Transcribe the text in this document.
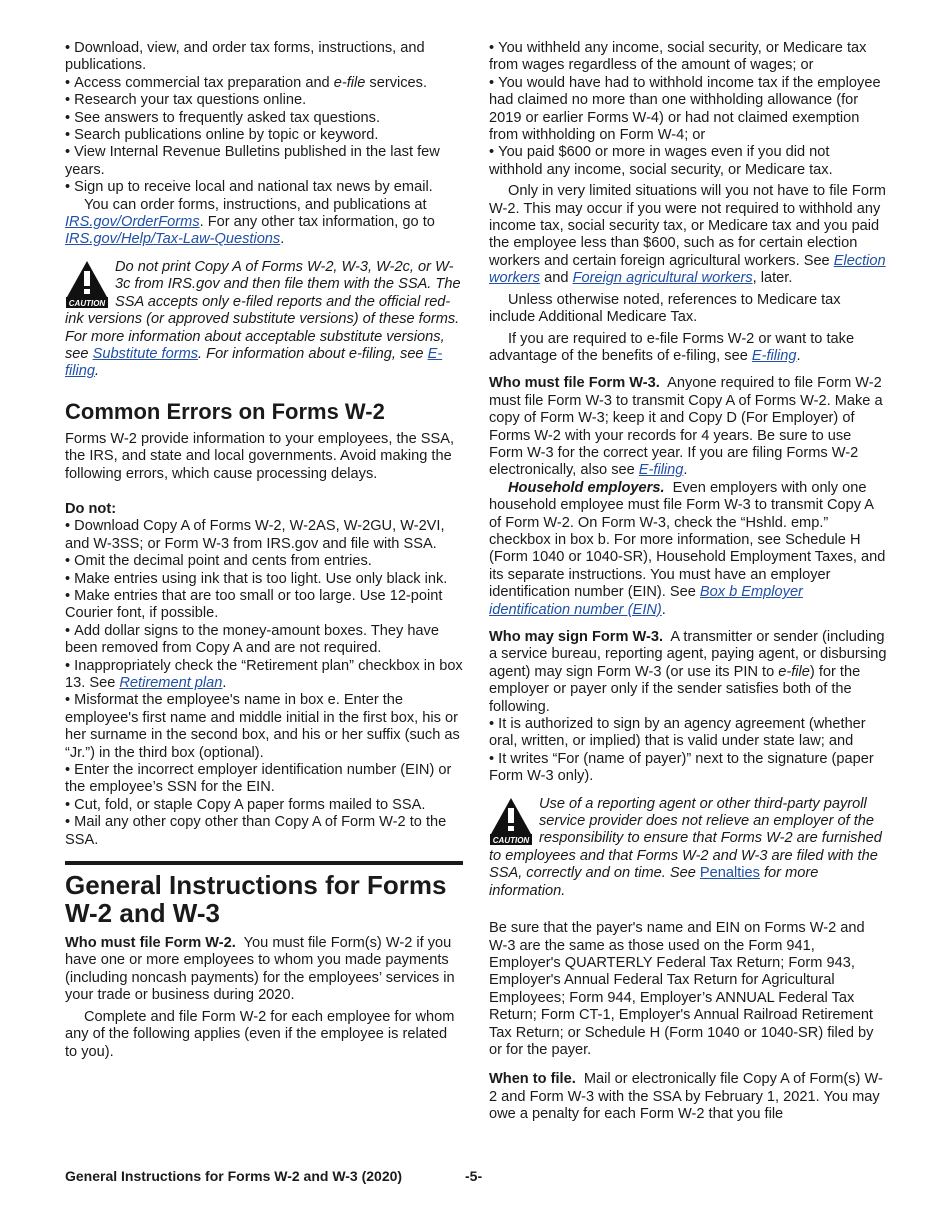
• Download, view, and order tax forms, instructions, and publications.
• Access commercial tax preparation and e-file services.
• Research your tax questions online.
• See answers to frequently asked tax questions.
• Search publications online by topic or keyword.
• View Internal Revenue Bulletins published in the last few years.
• Sign up to receive local and national tax news by email.

You can order forms, instructions, and publications at IRS.gov/OrderForms. For any other tax information, go to IRS.gov/Help/Tax-Law-Questions.

CAUTION
Do not print Copy A of Forms W-2, W-3, W-2c, or W-3c from IRS.gov and then file them with the SSA. The SSA accepts only e-filed reports and the official red-ink versions (or approved substitute versions) of these forms. For more information about acceptable substitute versions, see Substitute forms. For information about e-filing, see E-filing.
Common Errors on Forms W-2

Forms W-2 provide information to your employees, the SSA, the IRS, and state and local governments. Avoid making the following errors, which cause processing delays.

Do not:

• Download Copy A of Forms W-2, W-2AS, W-2GU, W-2VI, and W-3SS; or Form W-3 from IRS.gov and file with SSA.
• Omit the decimal point and cents from entries.
• Make entries using ink that is too light. Use only black ink.
• Make entries that are too small or too large. Use 12-point Courier font, if possible.
• Add dollar signs to the money-amount boxes. They have been removed from Copy A and are not required.
• Inappropriately check the “Retirement plan” checkbox in box 13. See Retirement plan.
• Misformat the employee's name in box e. Enter the employee's first name and middle initial in the first box, his or her surname in the second box, and his or her suffix (such as “Jr.”) in the third box (optional).
• Enter the incorrect employer identification number (EIN) or the employee’s SSN for the EIN.
• Cut, fold, or staple Copy A paper forms mailed to SSA.
• Mail any other copy other than Copy A of Form W-2 to the SSA.
General Instructions for Forms W-2 and W-3

Who must file Form W-2. You must file Form(s) W-2 if you have one or more employees to whom you made payments (including noncash payments) for the employees’ services in your trade or business during 2020.

Complete and file Form W-2 for each employee for whom any of the following applies (even if the employee is related to you).

• You withheld any income, social security, or Medicare tax from wages regardless of the amount of wages; or
• You would have had to withhold income tax if the employee had claimed no more than one withholding allowance (for 2019 or earlier Forms W-4) or had not claimed exemption from withholding on Form W-4; or
• You paid $600 or more in wages even if you did not withhold any income, social security, or Medicare tax.

Only in very limited situations will you not have to file Form W-2. This may occur if you were not required to withhold any income tax, social security tax, or Medicare tax and you paid the employee less than $600, such as for certain election workers and certain foreign agricultural workers. See Election workers and Foreign agricultural workers, later.

Unless otherwise noted, references to Medicare tax include Additional Medicare Tax.

If you are required to e-file Forms W-2 or want to take advantage of the benefits of e-filing, see E-filing.

Who must file Form W-3. Anyone required to file Form W-2 must file Form W-3 to transmit Copy A of Forms W-2. Make a copy of Form W-3; keep it and Copy D (For Employer) of Forms W-2 with your records for 4 years. Be sure to use Form W-3 for the correct year. If you are filing Forms W-2 electronically, also see E-filing.

Household employers. Even employers with only one household employee must file Form W-3 to transmit Copy A of Form W-2. On Form W-3, check the “Hshld. emp.” checkbox in box b. For more information, see Schedule H (Form 1040 or 1040-SR), Household Employment Taxes, and its separate instructions. You must have an employer identification number (EIN). See Box b Employer identification number (EIN).

Who may sign Form W-3. A transmitter or sender (including a service bureau, reporting agent, paying agent, or disbursing agent) may sign Form W-3 (or use its PIN to e-file) for the employer or payer only if the sender satisfies both of the following.

• It is authorized to sign by an agency agreement (whether oral, written, or implied) that is valid under state law; and
• It writes “For (name of payer)” next to the signature (paper Form W-3 only).
CAUTION
Use of a reporting agent or other third-party payroll service provider does not relieve an employer of the responsibility to ensure that Forms W-2 are furnished to employees and that Forms W-2 and W-3 are filed with the SSA, correctly and on time. See Penalties for more information.

Be sure that the payer's name and EIN on Forms W-2 and W-3 are the same as those used on the Form 941, Employer's QUARTERLY Federal Tax Return; Form 943, Employer's Annual Federal Tax Return for Agricultural Employees; Form 944, Employer’s ANNUAL Federal Tax Return; Form CT-1, Employer's Annual Railroad Retirement Tax Return; or Schedule H (Form 1040 or 1040-SR) filed by or for the payer.

When to file. Mail or electronically file Copy A of Form(s) W-2 and Form W-3 with the SSA by February 1, 2021. You may owe a penalty for each Form W-2 that you file

General Instructions for Forms W-2 and W-3 (2020)	-5-
